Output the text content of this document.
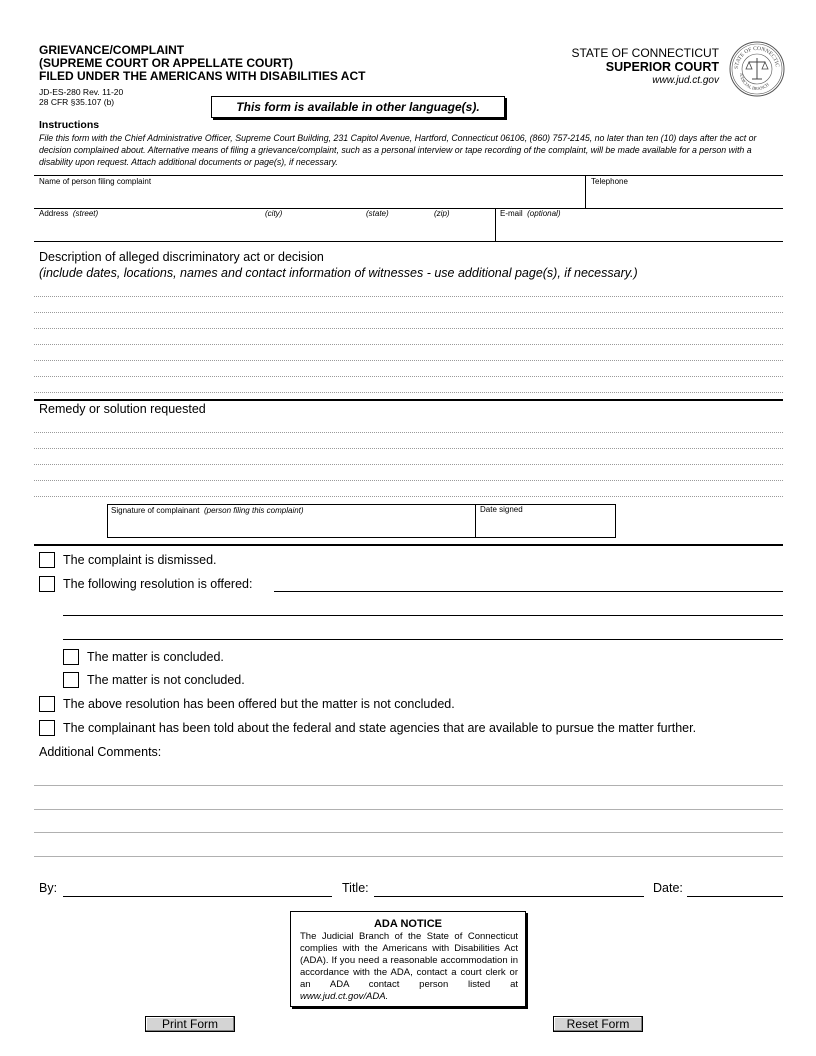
GRIEVANCE/COMPLAINT
(SUPREME COURT OR APPELLATE COURT)
FILED UNDER THE AMERICANS WITH DISABILITIES ACT
JD-ES-280 Rev. 11-20
28 CFR §35.107 (b)	This form is available in other language(s).
STATE OF CONNECTICUT
SUPERIOR COURT
www.jud.ct.gov
STATE OF CONNECTIC
JUDICIAL BRANCH
Instructions
File this form with the Chief Administrative Officer, Supreme Court Building, 231 Capitol Avenue, Hartford, Connecticut 06106, (860) 757-2145, no later than ten (10) days after the act or decision complained about. Alternative means of filing a grievance/complaint, such as a personal interview or tape recording of the complaint, will be made available for a person with a disability upon request. Attach additional documents or page(s), if necessary.
Name of person filing complaint	Telephone
Address (street)	(city)	(state)	(zip)	E-mail (optional)
Description of alleged discriminatory act or decision
(include dates, locations, names and contact information of witnesses - use additional page(s), if necessary.)
Remedy or solution requested
Signature of complainant (person filing this complaint)	Date signed
The complaint is dismissed.
The following resolution is offered:
The matter is concluded.
The matter is not concluded.
The above resolution has been offered but the matter is not concluded.
The complainant has been told about the federal and state agencies that are available to pursue the matter further.
Additional Comments:
By:	Title:	Date:
ADA NOTICE
The Judicial Branch of the State of Connecticut complies with the Americans with Disabilities Act (ADA). If you need a reasonable accommodation in accordance with the ADA, contact a court clerk or an ADA contact person listed at www.jud.ct.gov/ADA.
Print Form	Reset Form
